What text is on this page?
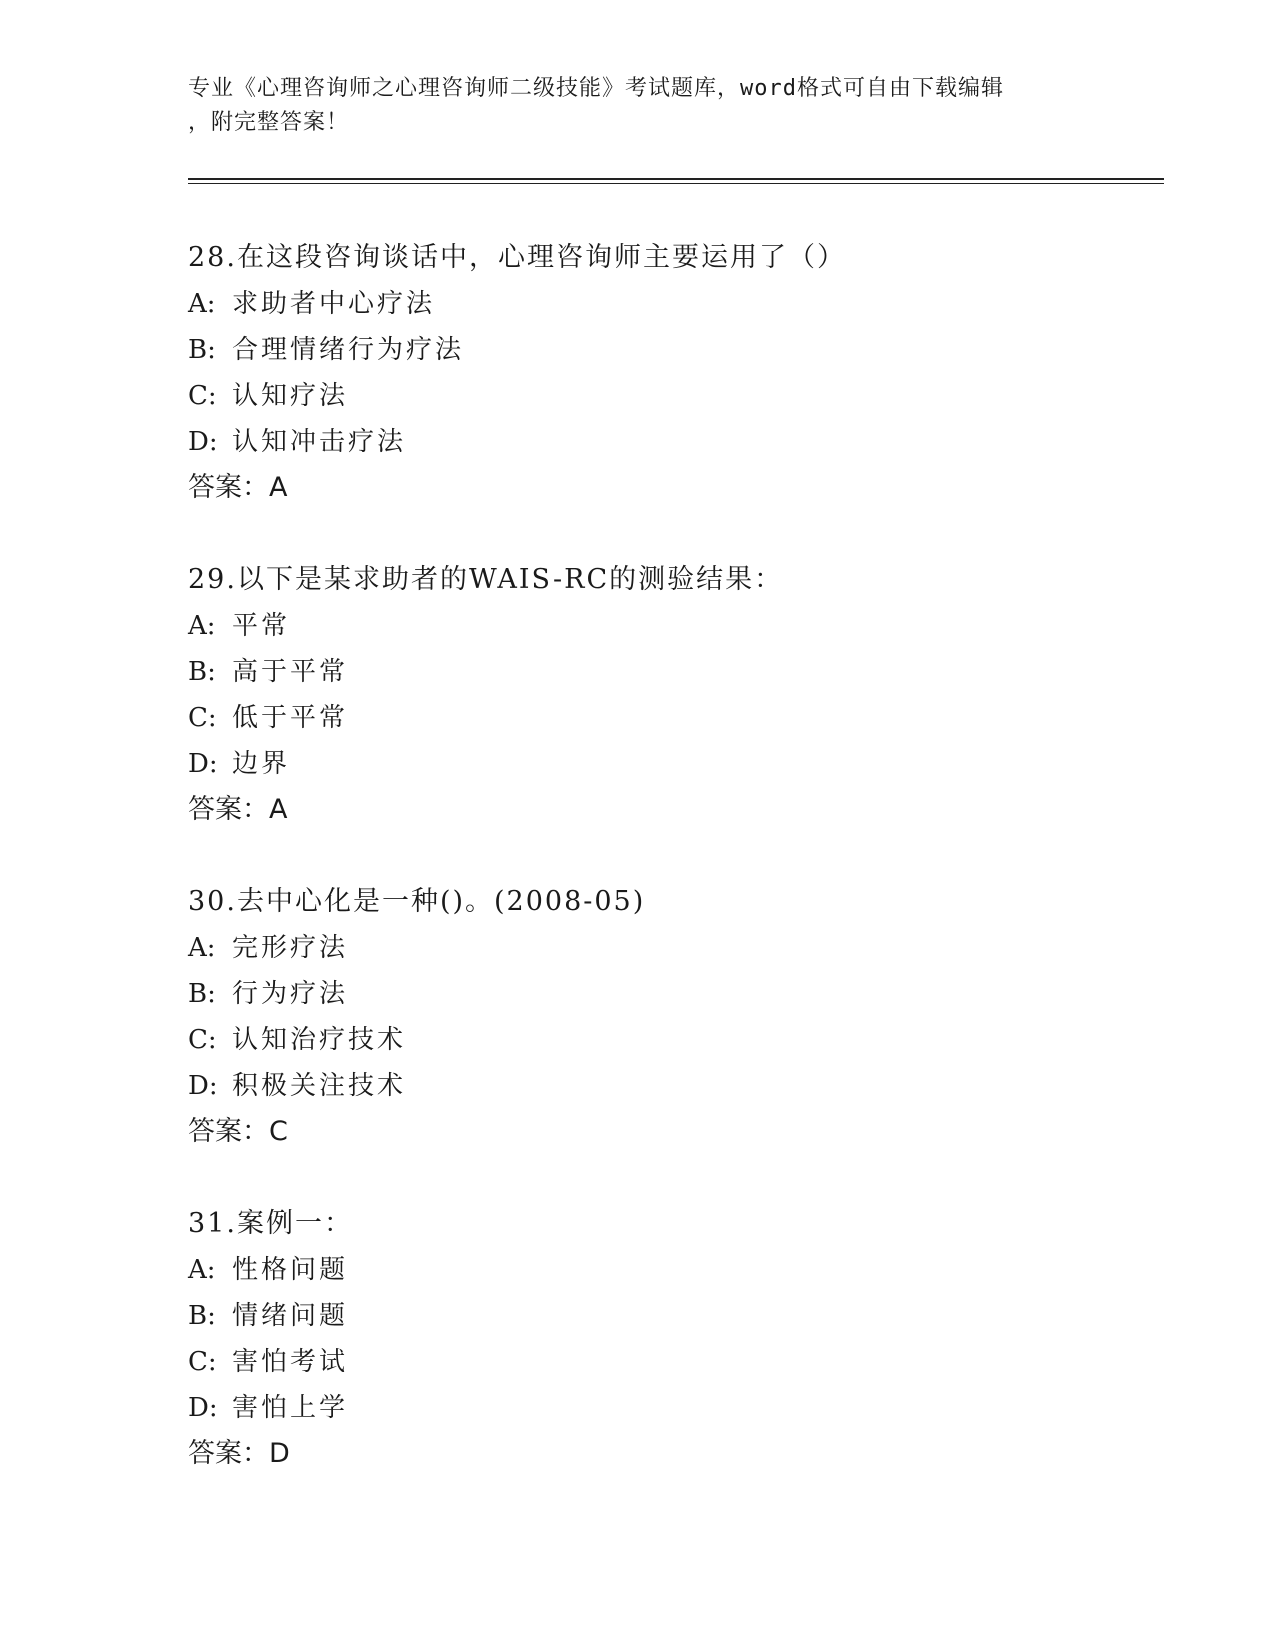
专业《心理咨询师之心理咨询师二级技能》考试题库，word格式可自由下载编辑
，附完整答案！
28.在这段咨询谈话中，心理咨询师主要运用了（）
A: 求助者中心疗法
B: 合理情绪行为疗法
C: 认知疗法
D: 认知冲击疗法
答案：A
29.以下是某求助者的WAIS-RC的测验结果：
A: 平常
B: 高于平常
C: 低于平常
D: 边界
答案：A
30.去中心化是一种()。(2008-05)
A: 完形疗法
B: 行为疗法
C: 认知治疗技术
D: 积极关注技术
答案：C
31.案例一：
A: 性格问题
B: 情绪问题
C: 害怕考试
D: 害怕上学
答案：D
